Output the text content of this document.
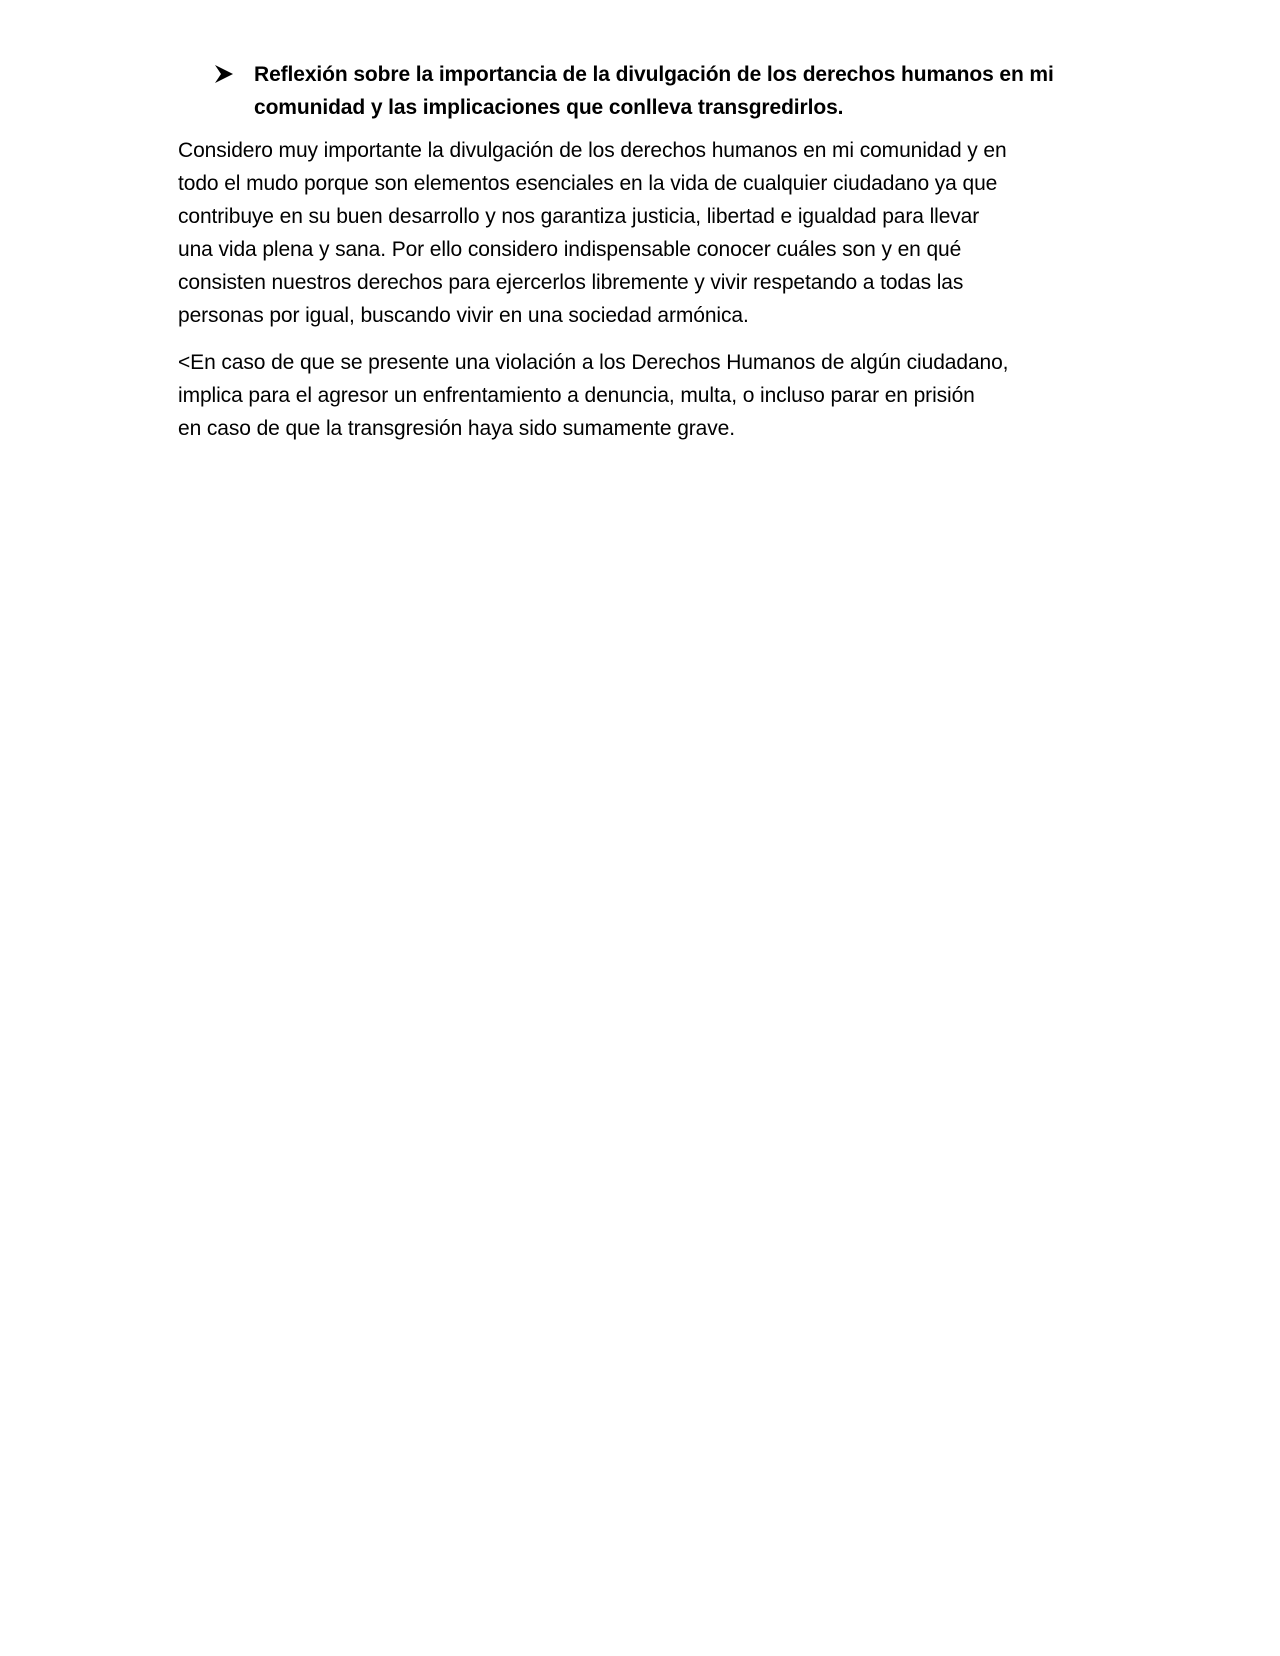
Reflexión sobre la importancia de la divulgación de los derechos humanos en mi
comunidad y las implicaciones que conlleva transgredirlos.

Considero muy importante la divulgación de los derechos humanos en mi comunidad y en
todo el mudo porque son elementos esenciales en la vida de cualquier ciudadano ya que
contribuye en su buen desarrollo y nos garantiza justicia, libertad e igualdad para llevar
una vida plena y sana. Por ello considero indispensable conocer cuáles son y en qué
consisten nuestros derechos para ejercerlos libremente y vivir respetando a todas las
personas por igual, buscando vivir en una sociedad armónica.

<En caso de que se presente una violación a los Derechos Humanos de algún ciudadano,
implica para el agresor un enfrentamiento a denuncia, multa, o incluso parar en prisión
en caso de que la transgresión haya sido sumamente grave.
